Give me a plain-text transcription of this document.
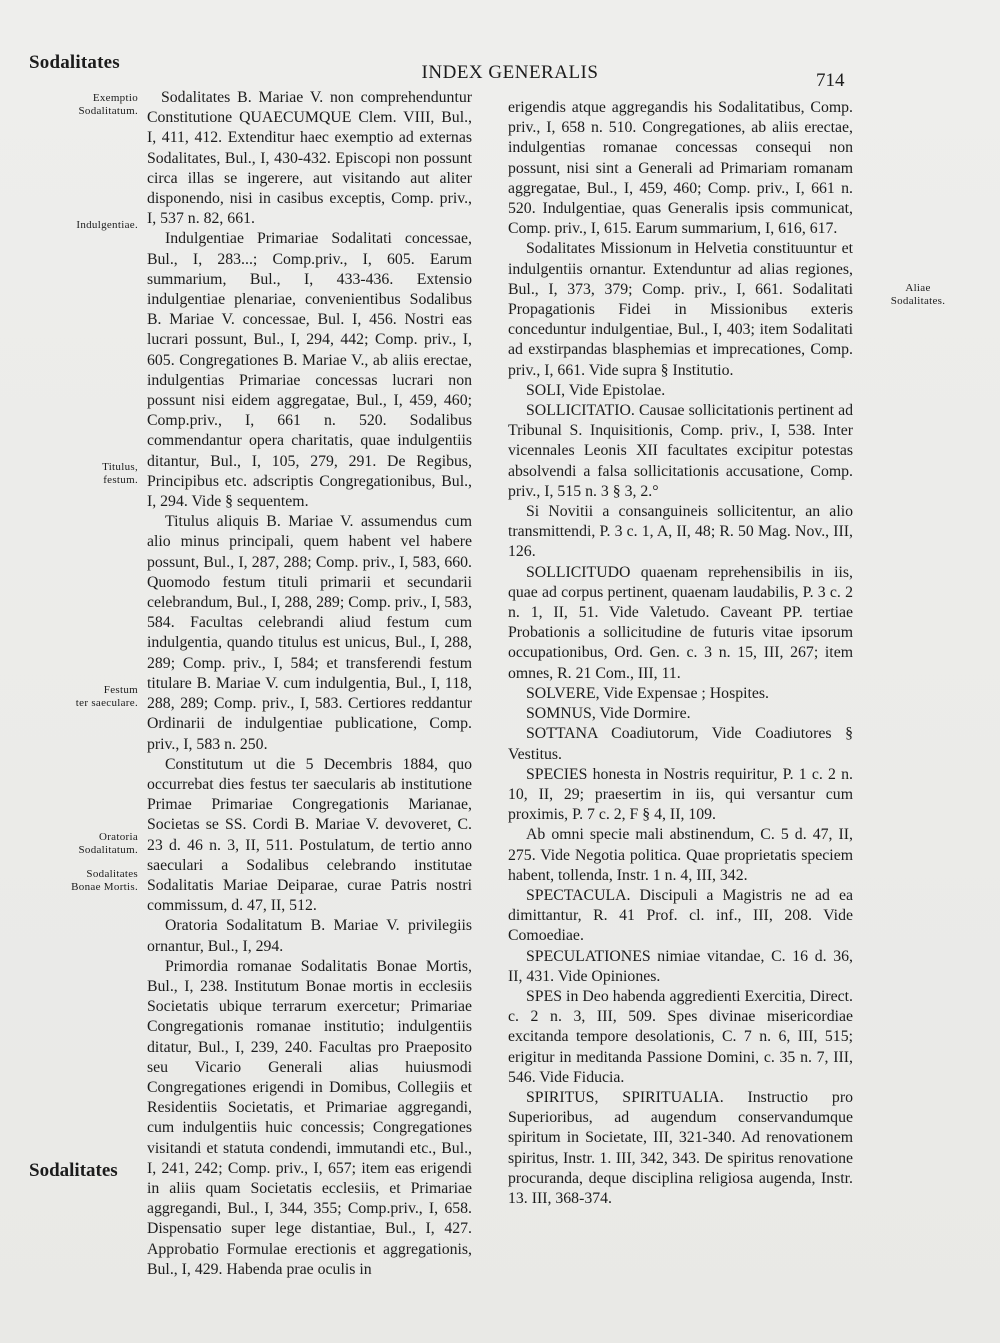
Sodalitates	INDEX GENERALIS	714
Sodalitates
Exemptio
Sodalitatum.
Indulgentiae.
Titulus,
festum.
Festum
ter saeculare.
Oratoria
Sodalitatum.
Sodalitates
Bonae Mortis.
Aliae
Sodalitates.

Sodalitates B. Mariae V. non comprehenduntur Constitutione QUAECUMQUE Clem. VIII, Bul., I, 411, 412. Extenditur haec exemptio ad externas Sodalitates, Bul., I, 430-432. Episcopi non possunt circa illas se ingerere, aut visitando aut aliter disponendo, nisi in casibus exceptis, Comp. priv., I, 537 n. 82, 661.

Indulgentiae Primariae Sodalitati concessae, Bul., I, 283...; Comp.priv., I, 605. Earum summarium, Bul., I, 433-436. Extensio indulgentiae plenariae, convenientibus Sodalibus B. Mariae V. concessae, Bul. I, 456. Nostri eas lucrari possunt, Bul., I, 294, 442; Comp. priv., I, 605. Congregationes B. Mariae V., ab aliis erectae, indulgentias Primariae concessas lucrari non possunt nisi eidem aggregatae, Bul., I, 459, 460; Comp.priv., I, 661 n. 520. Sodalibus commendantur opera charitatis, quae indulgentiis ditantur, Bul., I, 105, 279, 291. De Regibus, Principibus etc. adscriptis Congregationibus, Bul., I, 294. Vide § sequentem.

Titulus aliquis B. Mariae V. assumendus cum alio minus principali, quem habent vel habere possunt, Bul., I, 287, 288; Comp. priv., I, 583, 660. Quomodo festum tituli primarii et secundarii celebrandum, Bul., I, 288, 289; Comp. priv., I, 583, 584. Facultas celebrandi aliud festum cum indulgentia, quando titulus est unicus, Bul., I, 288, 289; Comp. priv., I, 584; et transferendi festum titulare B. Mariae V. cum indulgentia, Bul., I, 118, 288, 289; Comp. priv., I, 583. Certiores reddantur Ordinarii de indulgentiae publicatione, Comp. priv., I, 583 n. 250.

Constitutum ut die 5 Decembris 1884, quo occurrebat dies festus ter saecularis ab institutione Primae Primariae Congregationis Marianae, Societas se SS. Cordi B. Mariae V. devoveret, C. 23 d. 46 n. 3, II, 511. Postulatum, de tertio anno saeculari a Sodalibus celebrando institutae Sodalitatis Mariae Deiparae, curae Patris nostri commissum, d. 47, II, 512.

Oratoria Sodalitatum B. Mariae V. privilegiis ornantur, Bul., I, 294.

Primordia romanae Sodalitatis Bonae Mortis, Bul., I, 238. Institutum Bonae mortis in ecclesiis Societatis ubique terrarum exercetur; Primariae Congregationis romanae institutio; indulgentiis ditatur, Bul., I, 239, 240. Facultas pro Praeposito seu Vicario Generali alias huiusmodi Congregationes erigendi in Domibus, Collegiis et Residentiis Societatis, et Primariae aggregandi, cum indulgentiis huic concessis; Congregationes visitandi et statuta condendi, immutandi etc., Bul., I, 241, 242; Comp. priv., I, 657; item eas erigendi in aliis quam Societatis ecclesiis, et Primariae aggregandi, Bul., I, 344, 355; Comp.priv., I, 658. Dispensatio super lege distantiae, Bul., I, 427. Approbatio Formulae erectionis et aggregationis, Bul., I, 429. Habenda prae oculis in

erigendis atque aggregandis his Sodalitatibus, Comp. priv., I, 658 n. 510. Congregationes, ab aliis erectae, indulgentias romanae concessas consequi non possunt, nisi sint a Generali ad Primariam romanam aggregatae, Bul., I, 459, 460; Comp. priv., I, 661 n. 520. Indulgentiae, quas Generalis ipsis communicat, Comp. priv., I, 615. Earum summarium, I, 616, 617.

Sodalitates Missionum in Helvetia constituuntur et indulgentiis ornantur. Extenduntur ad alias regiones, Bul., I, 373, 379; Comp. priv., I, 661. Sodalitati Propagationis Fidei in Missionibus exteris conceduntur indulgentiae, Bul., I, 403; item Sodalitati ad exstirpandas blasphemias et imprecationes, Comp. priv., I, 661. Vide supra § Institutio.

SOLI, Vide Epistolae.

SOLLICITATIO. Causae sollicitationis pertinent ad Tribunal S. Inquisitionis, Comp. priv., I, 538. Inter vicennales Leonis XII facultates excipitur potestas absolvendi a falsa sollicitationis accusatione, Comp. priv., I, 515 n. 3 § 3, 2.°

Si Novitii a consanguineis sollicitentur, an alio transmittendi, P. 3 c. 1, A, II, 48; R. 50 Mag. Nov., III, 126.

SOLLICITUDO quaenam reprehensibilis in iis, quae ad corpus pertinent, quaenam laudabilis, P. 3 c. 2 n. 1, II, 51. Vide Valetudo. Caveant PP. tertiae Probationis a sollicitudine de futuris vitae ipsorum occupationibus, Ord. Gen. c. 3 n. 15, III, 267; item omnes, R. 21 Com., III, 11.

SOLVERE, Vide Expensae ; Hospites.

SOMNUS, Vide Dormire.

SOTTANA Coadiutorum, Vide Coadiutores § Vestitus.

SPECIES honesta in Nostris requiritur, P. 1 c. 2 n. 10, II, 29; praesertim in iis, qui versantur cum proximis, P. 7 c. 2, F § 4, II, 109.

Ab omni specie mali abstinendum, C. 5 d. 47, II, 275. Vide Negotia politica. Quae proprietatis speciem habent, tollenda, Instr. 1 n. 4, III, 342.

SPECTACULA. Discipuli a Magistris ne ad ea dimittantur, R. 41 Prof. cl. inf., III, 208. Vide Comoediae.

SPECULATIONES nimiae vitandae, C. 16 d. 36, II, 431. Vide Opiniones.

SPES in Deo habenda aggredienti Exercitia, Direct. c. 2 n. 3, III, 509. Spes divinae misericordiae excitanda tempore desolationis, C. 7 n. 6, III, 515; erigitur in meditanda Passione Domini, c. 35 n. 7, III, 546. Vide Fiducia.

SPIRITUS, SPIRITUALIA. Instructio pro Superioribus, ad augendum conservandumque spiritum in Societate, III, 321-340. Ad renovationem spiritus, Instr. 1. III, 342, 343. De spiritus renovatione procuranda, deque disciplina religiosa augenda, Instr. 13. III, 368-374.
